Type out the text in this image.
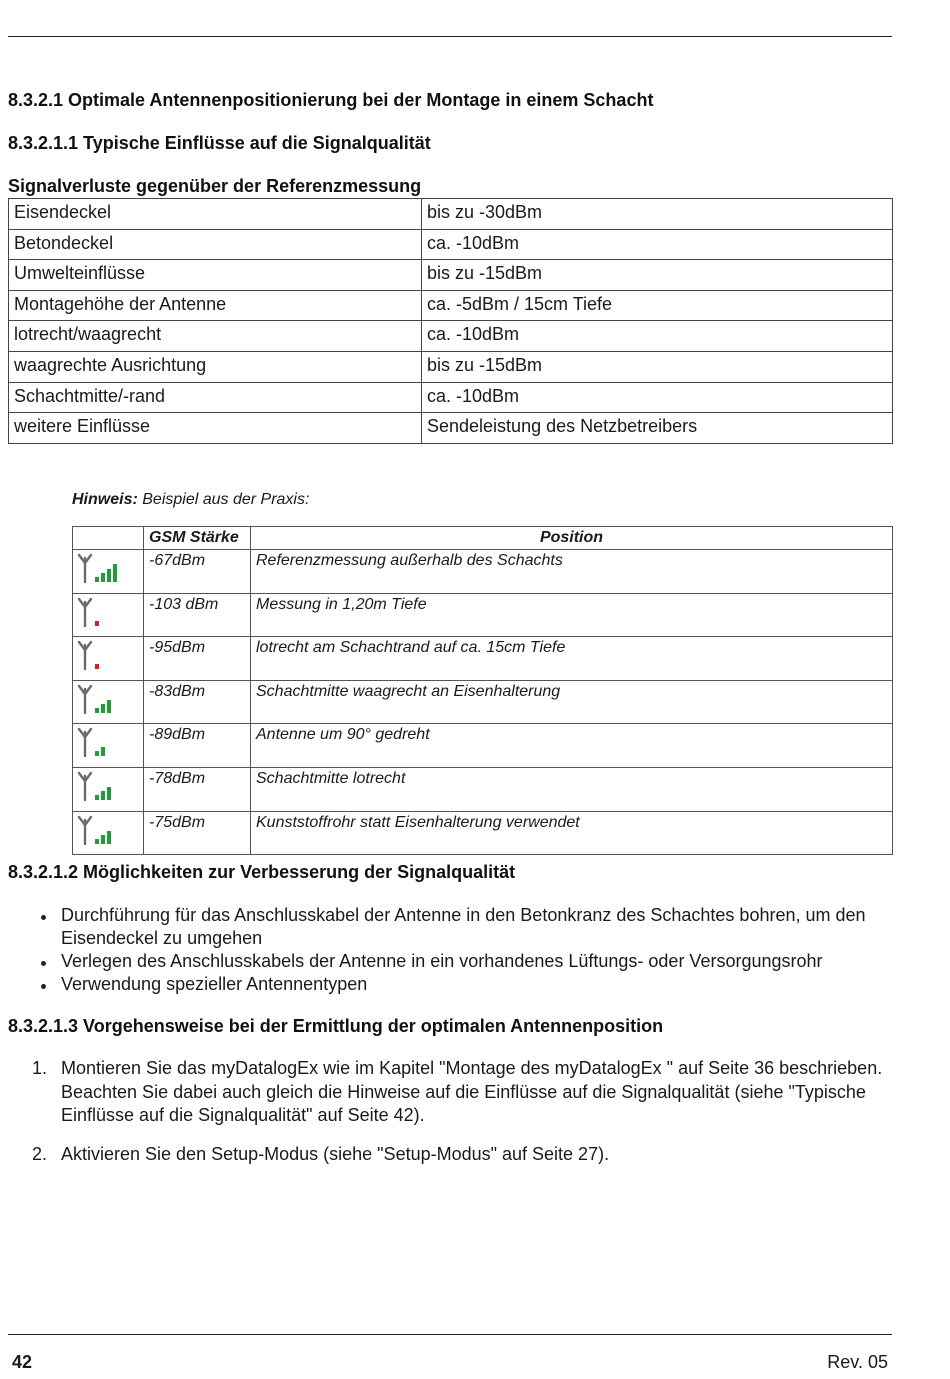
8.3.2.1 Optimale Antennenpositionierung bei der Montage in einem Schacht
8.3.2.1.1 Typische Einflüsse auf die Signalqualität
Signalverluste gegenüber der Referenzmessung
Eisendeckel	bis zu -30dBm
Betondeckel	ca. -10dBm
Umwelteinflüsse	bis zu -15dBm
Montagehöhe der Antenne	ca. -5dBm / 15cm Tiefe
lotrecht/waagrecht	ca. -10dBm
waagrechte Ausrichtung	bis zu -15dBm
Schachtmitte/-rand	ca. -10dBm
weitere Einflüsse	Sendeleistung des Netzbetreibers

Hinweis: Beispiel aus der Praxis:

	GSM Stärke	Position

	-67dBm	Referenzmessung außerhalb des Schachts

	-103 dBm	Messung in 1,20m Tiefe

	-95dBm	lotrecht am Schachtrand auf ca. 15cm Tiefe

	-83dBm	Schachtmitte waagrecht an Eisenhalterung

	-89dBm	Antenne um 90° gedreht

	-78dBm	Schachtmitte lotrecht

	-75dBm	Kunststoffrohr statt Eisenhalterung verwendet
8.3.2.1.2 Möglichkeiten zur Verbesserung der Signalqualität
Durchführung für das Anschlusskabel der Antenne in den Betonkranz des Schachtes bohren, um den Eisendeckel zu umgehen
Verlegen des Anschlusskabels der Antenne in ein vorhandenes Lüftungs- oder Versorgungsrohr
Verwendung spezieller Antennentypen
8.3.2.1.3 Vorgehensweise bei der Ermittlung der optimalen Antennenposition
1. Montieren Sie das myDatalogEx wie im Kapitel "Montage des myDatalogEx " auf Seite 36 beschrieben. Beachten Sie dabei auch gleich die Hinweise auf die Einflüsse auf die Signalqualität (siehe "Typische Einflüsse auf die Signalqualität" auf Seite 42).
2. Aktivieren Sie den Setup-Modus (siehe "Setup-Modus" auf Seite 27).
42	Rev. 05
